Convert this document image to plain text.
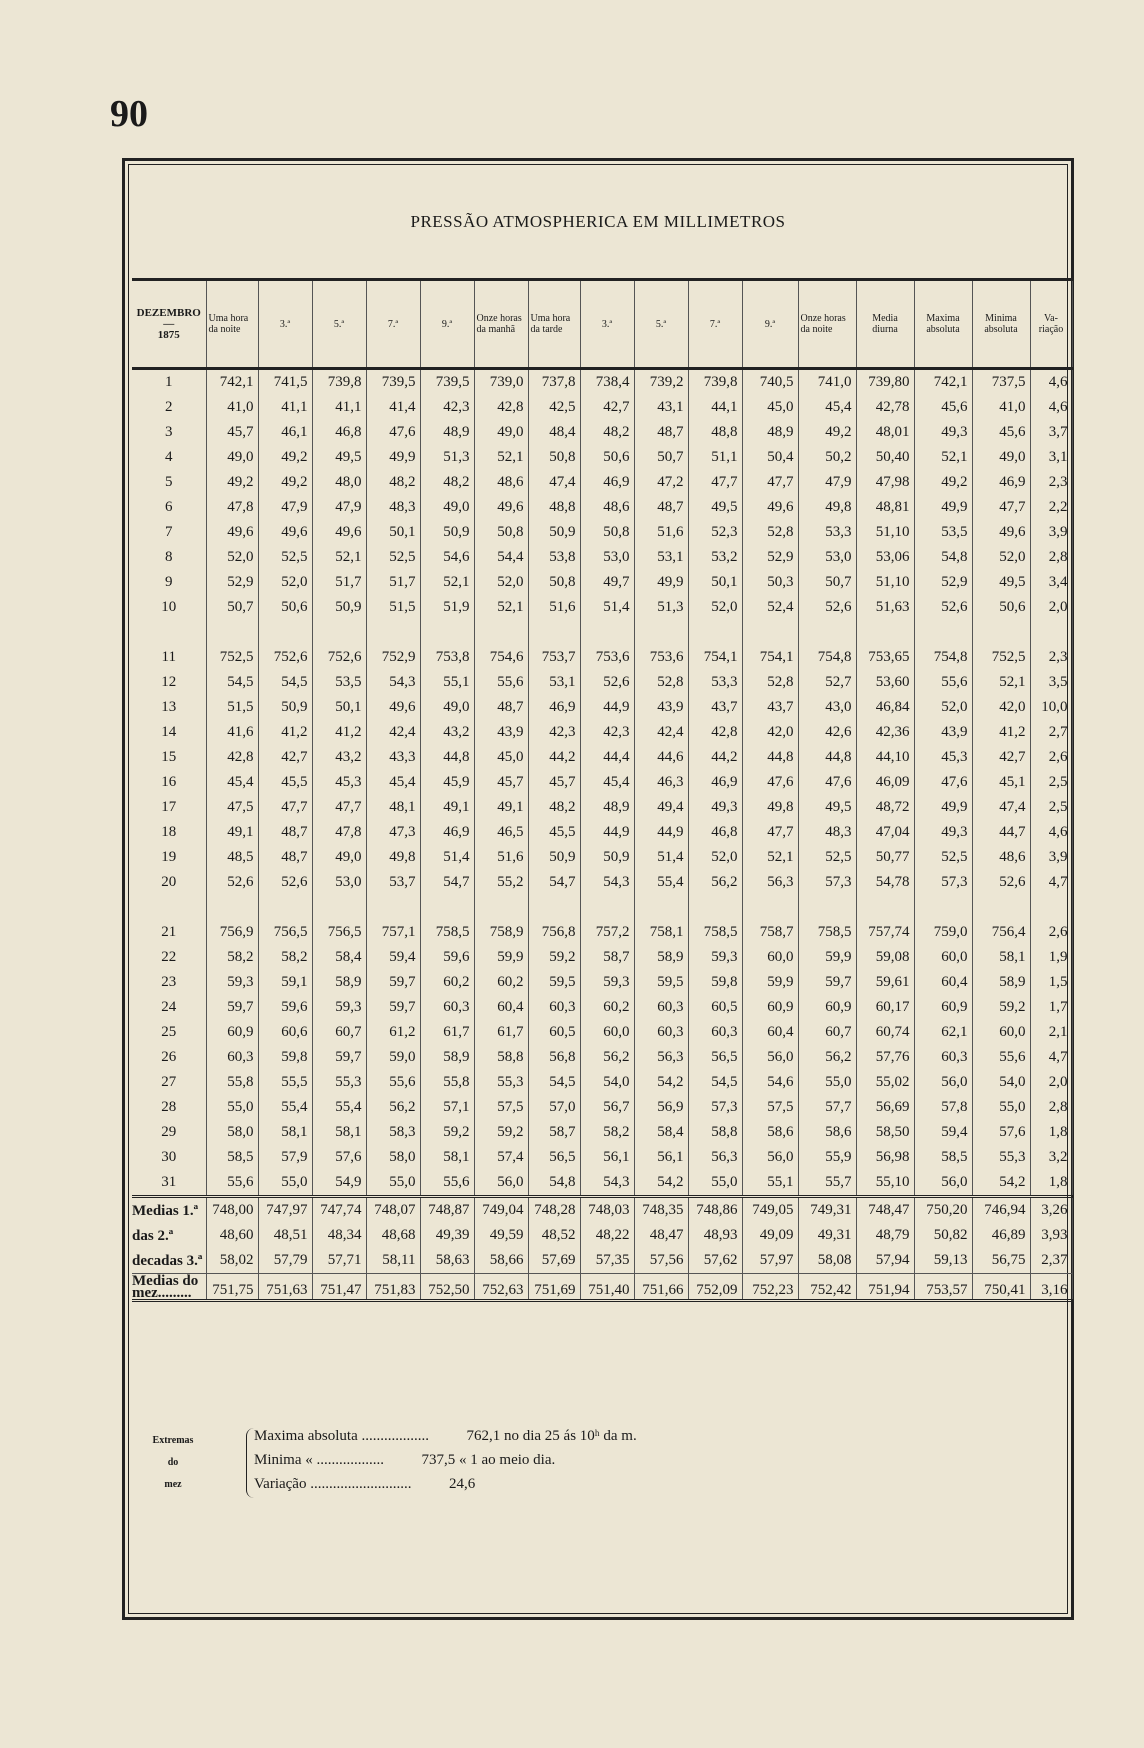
90
PRESSÃO ATMOSPHERICA EM MILLIMETROS
DEZEMBRO
—
1875	Uma hora da noite	3.ª	5.ª	7.ª	9.ª	Onze horas da manhã	Uma hora da tarde	3.ª	5.ª	7.ª	9.ª	Onze horas da noite	Media diurna	Maxima absoluta	Minima absoluta	Va-riação
1	742,1	741,5	739,8	739,5	739,5	739,0	737,8	738,4	739,2	739,8	740,5	741,0	739,80	742,1	737,5	4,6
2	41,0	41,1	41,1	41,4	42,3	42,8	42,5	42,7	43,1	44,1	45,0	45,4	42,78	45,6	41,0	4,6
3	45,7	46,1	46,8	47,6	48,9	49,0	48,4	48,2	48,7	48,8	48,9	49,2	48,01	49,3	45,6	3,7
4	49,0	49,2	49,5	49,9	51,3	52,1	50,8	50,6	50,7	51,1	50,4	50,2	50,40	52,1	49,0	3,1
5	49,2	49,2	48,0	48,2	48,2	48,6	47,4	46,9	47,2	47,7	47,7	47,9	47,98	49,2	46,9	2,3
6	47,8	47,9	47,9	48,3	49,0	49,6	48,8	48,6	48,7	49,5	49,6	49,8	48,81	49,9	47,7	2,2
7	49,6	49,6	49,6	50,1	50,9	50,8	50,9	50,8	51,6	52,3	52,8	53,3	51,10	53,5	49,6	3,9
8	52,0	52,5	52,1	52,5	54,6	54,4	53,8	53,0	53,1	53,2	52,9	53,0	53,06	54,8	52,0	2,8
9	52,9	52,0	51,7	51,7	52,1	52,0	50,8	49,7	49,9	50,1	50,3	50,7	51,10	52,9	49,5	3,4
10	50,7	50,6	50,9	51,5	51,9	52,1	51,6	51,4	51,3	52,0	52,4	52,6	51,63	52,6	50,6	2,0

11	752,5	752,6	752,6	752,9	753,8	754,6	753,7	753,6	753,6	754,1	754,1	754,8	753,65	754,8	752,5	2,3
12	54,5	54,5	53,5	54,3	55,1	55,6	53,1	52,6	52,8	53,3	52,8	52,7	53,60	55,6	52,1	3,5
13	51,5	50,9	50,1	49,6	49,0	48,7	46,9	44,9	43,9	43,7	43,7	43,0	46,84	52,0	42,0	10,0
14	41,6	41,2	41,2	42,4	43,2	43,9	42,3	42,3	42,4	42,8	42,0	42,6	42,36	43,9	41,2	2,7
15	42,8	42,7	43,2	43,3	44,8	45,0	44,2	44,4	44,6	44,2	44,8	44,8	44,10	45,3	42,7	2,6
16	45,4	45,5	45,3	45,4	45,9	45,7	45,7	45,4	46,3	46,9	47,6	47,6	46,09	47,6	45,1	2,5
17	47,5	47,7	47,7	48,1	49,1	49,1	48,2	48,9	49,4	49,3	49,8	49,5	48,72	49,9	47,4	2,5
18	49,1	48,7	47,8	47,3	46,9	46,5	45,5	44,9	44,9	46,8	47,7	48,3	47,04	49,3	44,7	4,6
19	48,5	48,7	49,0	49,8	51,4	51,6	50,9	50,9	51,4	52,0	52,1	52,5	50,77	52,5	48,6	3,9
20	52,6	52,6	53,0	53,7	54,7	55,2	54,7	54,3	55,4	56,2	56,3	57,3	54,78	57,3	52,6	4,7

21	756,9	756,5	756,5	757,1	758,5	758,9	756,8	757,2	758,1	758,5	758,7	758,5	757,74	759,0	756,4	2,6
22	58,2	58,2	58,4	59,4	59,6	59,9	59,2	58,7	58,9	59,3	60,0	59,9	59,08	60,0	58,1	1,9
23	59,3	59,1	58,9	59,7	60,2	60,2	59,5	59,3	59,5	59,8	59,9	59,7	59,61	60,4	58,9	1,5
24	59,7	59,6	59,3	59,7	60,3	60,4	60,3	60,2	60,3	60,5	60,9	60,9	60,17	60,9	59,2	1,7
25	60,9	60,6	60,7	61,2	61,7	61,7	60,5	60,0	60,3	60,3	60,4	60,7	60,74	62,1	60,0	2,1
26	60,3	59,8	59,7	59,0	58,9	58,8	56,8	56,2	56,3	56,5	56,0	56,2	57,76	60,3	55,6	4,7
27	55,8	55,5	55,3	55,6	55,8	55,3	54,5	54,0	54,2	54,5	54,6	55,0	55,02	56,0	54,0	2,0
28	55,0	55,4	55,4	56,2	57,1	57,5	57,0	56,7	56,9	57,3	57,5	57,7	56,69	57,8	55,0	2,8
29	58,0	58,1	58,1	58,3	59,2	59,2	58,7	58,2	58,4	58,8	58,6	58,6	58,50	59,4	57,6	1,8
30	58,5	57,9	57,6	58,0	58,1	57,4	56,5	56,1	56,1	56,3	56,0	55,9	56,98	58,5	55,3	3,2
31	55,6	55,0	54,9	55,0	55,6	56,0	54,8	54,3	54,2	55,0	55,1	55,7	55,10	56,0	54,2	1,8
Medias 1.ª	748,00	747,97	747,74	748,07	748,87	749,04	748,28	748,03	748,35	748,86	749,05	749,31	748,47	750,20	746,94	3,26
das 2.ª	48,60	48,51	48,34	48,68	49,39	49,59	48,52	48,22	48,47	48,93	49,09	49,31	48,79	50,82	46,89	3,93
decadas 3.ª	58,02	57,79	57,71	58,11	58,63	58,66	57,69	57,35	57,56	57,62	57,97	58,08	57,94	59,13	56,75	2,37

Medias do
mez.........	751,75	751,63	751,47	751,83	752,50	752,63	751,69	751,40	751,66	752,09	752,23	752,42	751,94	753,57	750,41	3,16
Extremas
do
mez
Maxima absoluta ..................	762,1 no dia 25 ás 10ʰ da m.
Minima « ..................	737,5 « 1 ao meio dia.
Variação ...........................	24,6
